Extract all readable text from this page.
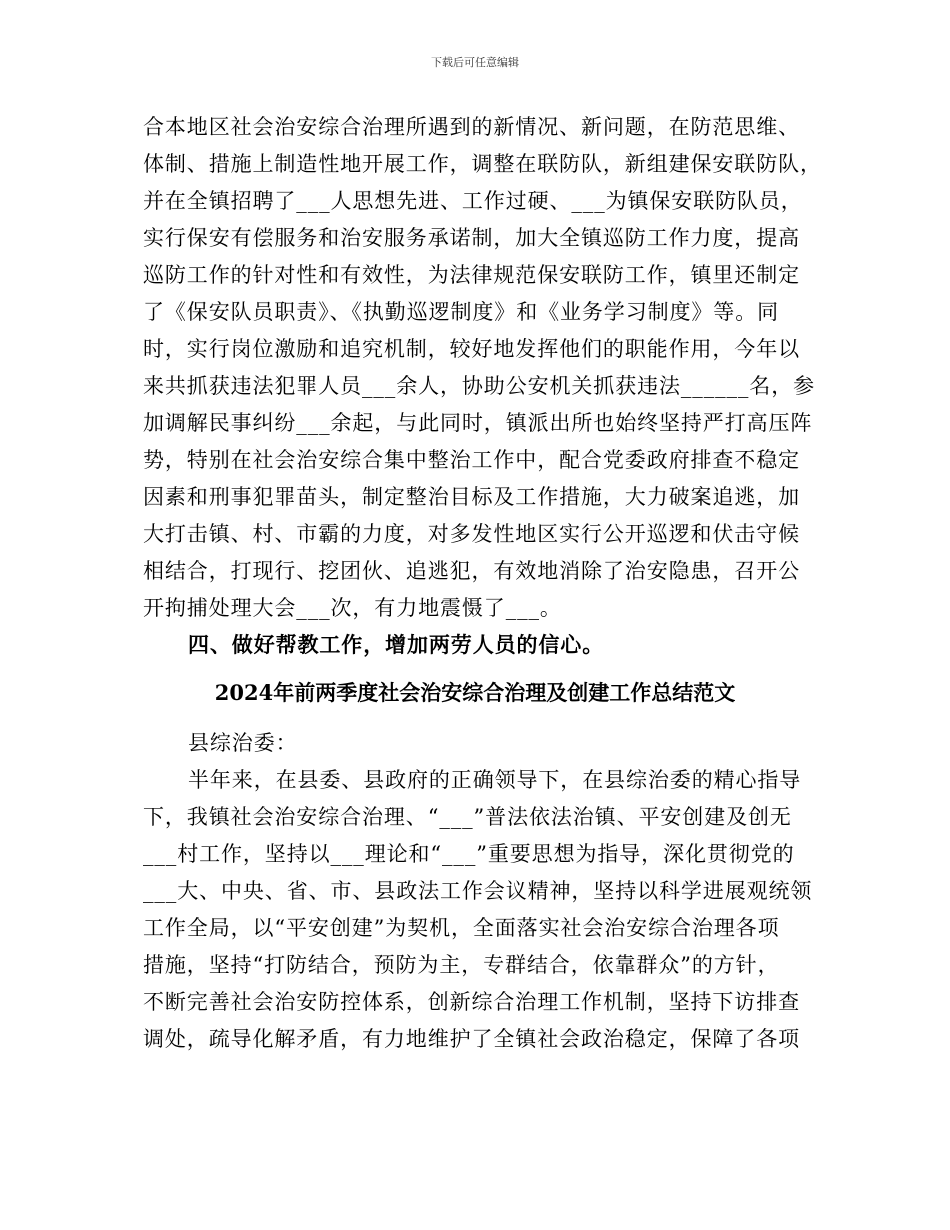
下载后可任意编辑
合本地区社会治安综合治理所遇到的新情况、新问题，在防范思维、
体制、措施上制造性地开展工作，调整在联防队，新组建保安联防队，
并在全镇招聘了___人思想先进、工作过硬、___为镇保安联防队员，
实行保安有偿服务和治安服务承诺制，加大全镇巡防工作力度，提高
巡防工作的针对性和有效性，为法律规范保安联防工作，镇里还制定
了《保安队员职责》、《执勤巡逻制度》和《业务学习制度》等。同
时，实行岗位激励和追究机制，较好地发挥他们的职能作用，今年以
来共抓获违法犯罪人员___余人，协助公安机关抓获违法______名，参
加调解民事纠纷___余起，与此同时，镇派出所也始终坚持严打高压阵
势，特别在社会治安综合集中整治工作中，配合党委政府排查不稳定
因素和刑事犯罪苗头，制定整治目标及工作措施，大力破案追逃，加
大打击镇、村、市霸的力度，对多发性地区实行公开巡逻和伏击守候
相结合，打现行、挖团伙、追逃犯，有效地消除了治安隐患，召开公
开拘捕处理大会___次，有力地震慑了___。
四、做好帮教工作，增加两劳人员的信心。
2024年前两季度社会治安综合治理及创建工作总结范文
县综治委：
半年来，在县委、县政府的正确领导下，在县综治委的精心指导
下，我镇社会治安综合治理、“___”普法依法治镇、平安创建及创无
___村工作，坚持以___理论和“___”重要思想为指导，深化贯彻党的
___大、中央、省、市、县政法工作会议精神，坚持以科学进展观统领
工作全局，以“平安创建”为契机，全面落实社会治安综合治理各项
措施，坚持“打防结合，预防为主，专群结合，依靠群众”的方针，
不断完善社会治安防控体系，创新综合治理工作机制，坚持下访排查
调处，疏导化解矛盾，有力地维护了全镇社会政治稳定，保障了各项
